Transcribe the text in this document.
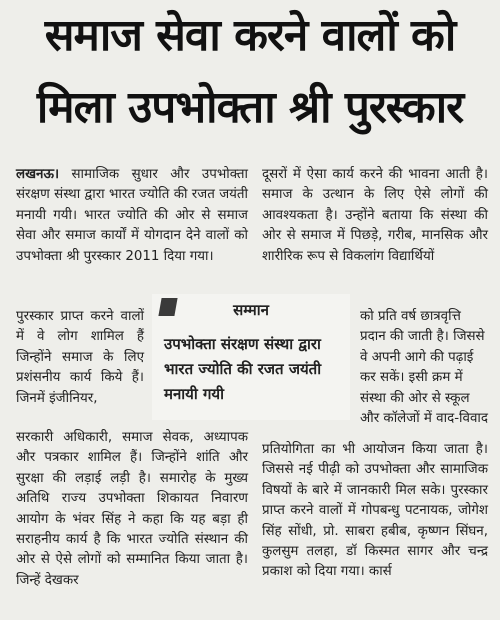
समाज सेवा करने वालों को
मिला उपभोक्ता श्री पुरस्कार

लखनऊ। सामाजिक सुधार और उपभोक्ता संरक्षण संस्था द्वारा भारत ज्योति की रजत जयंती मनायी गयी। भारत ज्योति की ओर से समाज सेवा और समाज कार्यों में योगदान देने वालों को उपभोक्ता श्री पुरस्कार 2011 दिया गया।

दूसरों में ऐसा कार्य करने की भावना आती है। समाज के उत्थान के लिए ऐसे लोगों की आवश्यकता है। उन्होंने बताया कि संस्था की ओर से समाज में पिछड़े, गरीब, मानसिक और शारीरिक रूप से विकलांग विद्यार्थियों

पुरस्कार प्राप्त करने वालों में वे लोग शामिल हैं जिन्होंने समाज के लिए प्रशंसनीय कार्य किये हैं। जिनमें इंजीनियर,

सम्मान
उपभोक्ता संरक्षण संस्था द्वारा भारत ज्योति की रजत जयंती मनायी गयी

को प्रति वर्ष छात्रवृत्ति प्रदान की जाती है। जिससे वे अपनी आगे की पढ़ाई कर सकें। इसी क्रम में संस्था की ओर से स्कूल और कॉलेजों में वाद-विवाद

सरकारी अधिकारी, समाज सेवक, अध्यापक और पत्रकार शामिल हैं। जिन्होंने शांति और सुरक्षा की लड़ाई लड़ी है। समारोह के मुख्य अतिथि राज्य उपभोक्ता शिकायत निवारण आयोग के भंवर सिंह ने कहा कि यह बड़ा ही सराहनीय कार्य है कि भारत ज्योति संस्थान की ओर से ऐसे लोगों को सम्मानित किया जाता है। जिन्हें देखकर

प्रतियोगिता का भी आयोजन किया जाता है। जिससे नई पीढ़ी को उपभोक्ता और सामाजिक विषयों के बारे में जानकारी मिल सके। पुरस्कार प्राप्त करने वालों में गोपबन्धु पटनायक, जोगेश सिंह सोंधी, प्रो. साबरा हबीब, कृष्णन सिंघन, कुलसुम तलहा, डॉ किस्मत सागर और चन्द्र प्रकाश को दिया गया। कार्स
